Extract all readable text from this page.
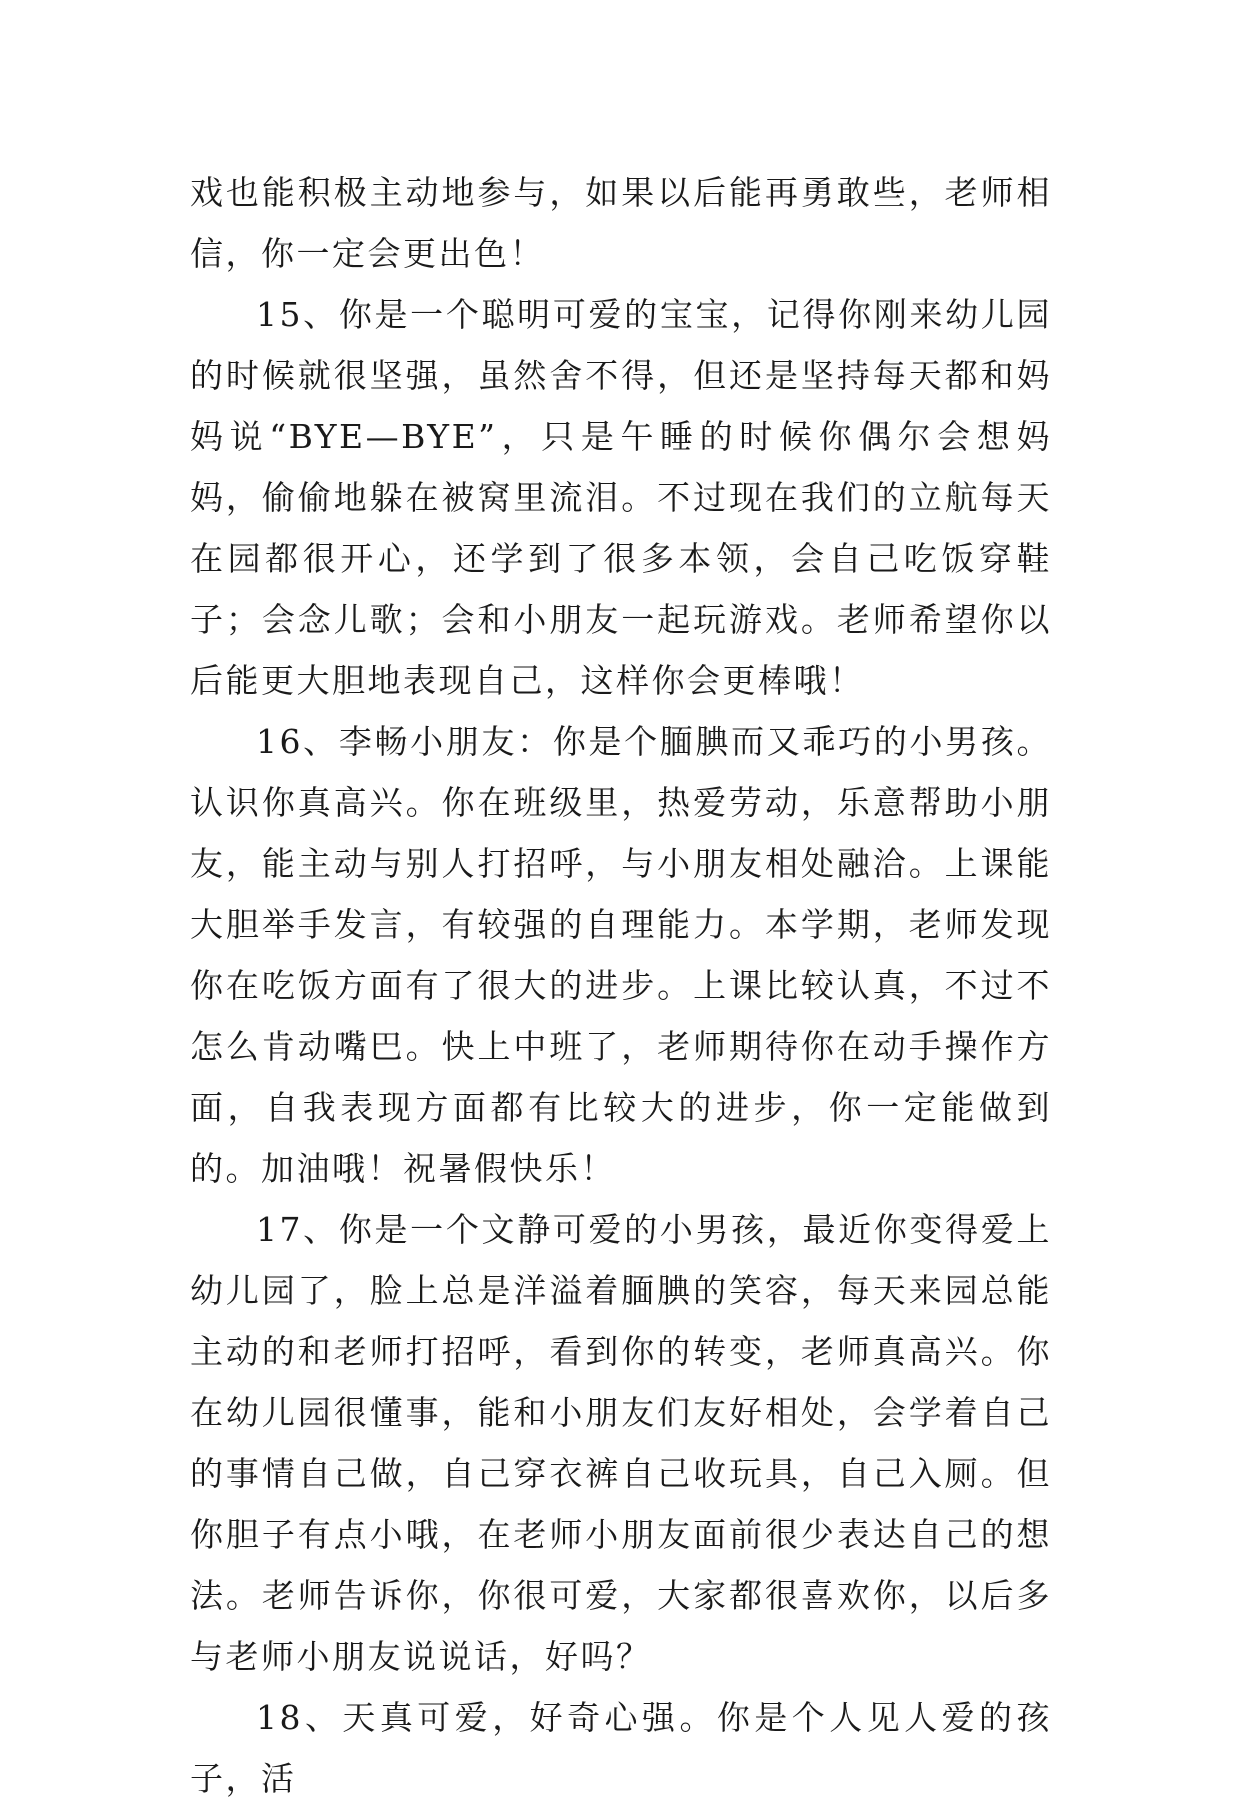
戏也能积极主动地参与，如果以后能再勇敢些，老师相信，你一定会更出色！

15、你是一个聪明可爱的宝宝，记得你刚来幼儿园的时候就很坚强，虽然舍不得，但还是坚持每天都和妈妈说“BYE—BYE”，只是午睡的时候你偶尔会想妈妈，偷偷地躲在被窝里流泪。不过现在我们的立航每天在园都很开心，还学到了很多本领，会自己吃饭穿鞋子；会念儿歌；会和小朋友一起玩游戏。老师希望你以后能更大胆地表现自己，这样你会更棒哦！

16、李畅小朋友：你是个腼腆而又乖巧的小男孩。认识你真高兴。你在班级里，热爱劳动，乐意帮助小朋友，能主动与别人打招呼，与小朋友相处融洽。上课能大胆举手发言，有较强的自理能力。本学期，老师发现你在吃饭方面有了很大的进步。上课比较认真，不过不怎么肯动嘴巴。快上中班了，老师期待你在动手操作方面，自我表现方面都有比较大的进步，你一定能做到的。加油哦！祝暑假快乐！

17、你是一个文静可爱的小男孩，最近你变得爱上幼儿园了，脸上总是洋溢着腼腆的笑容，每天来园总能主动的和老师打招呼，看到你的转变，老师真高兴。你在幼儿园很懂事，能和小朋友们友好相处，会学着自己的事情自己做，自己穿衣裤自己收玩具，自己入厕。但你胆子有点小哦，在老师小朋友面前很少表达自己的想法。老师告诉你，你很可爱，大家都很喜欢你，以后多与老师小朋友说说话，好吗？

18、天真可爱，好奇心强。你是个人见人爱的孩子，活
